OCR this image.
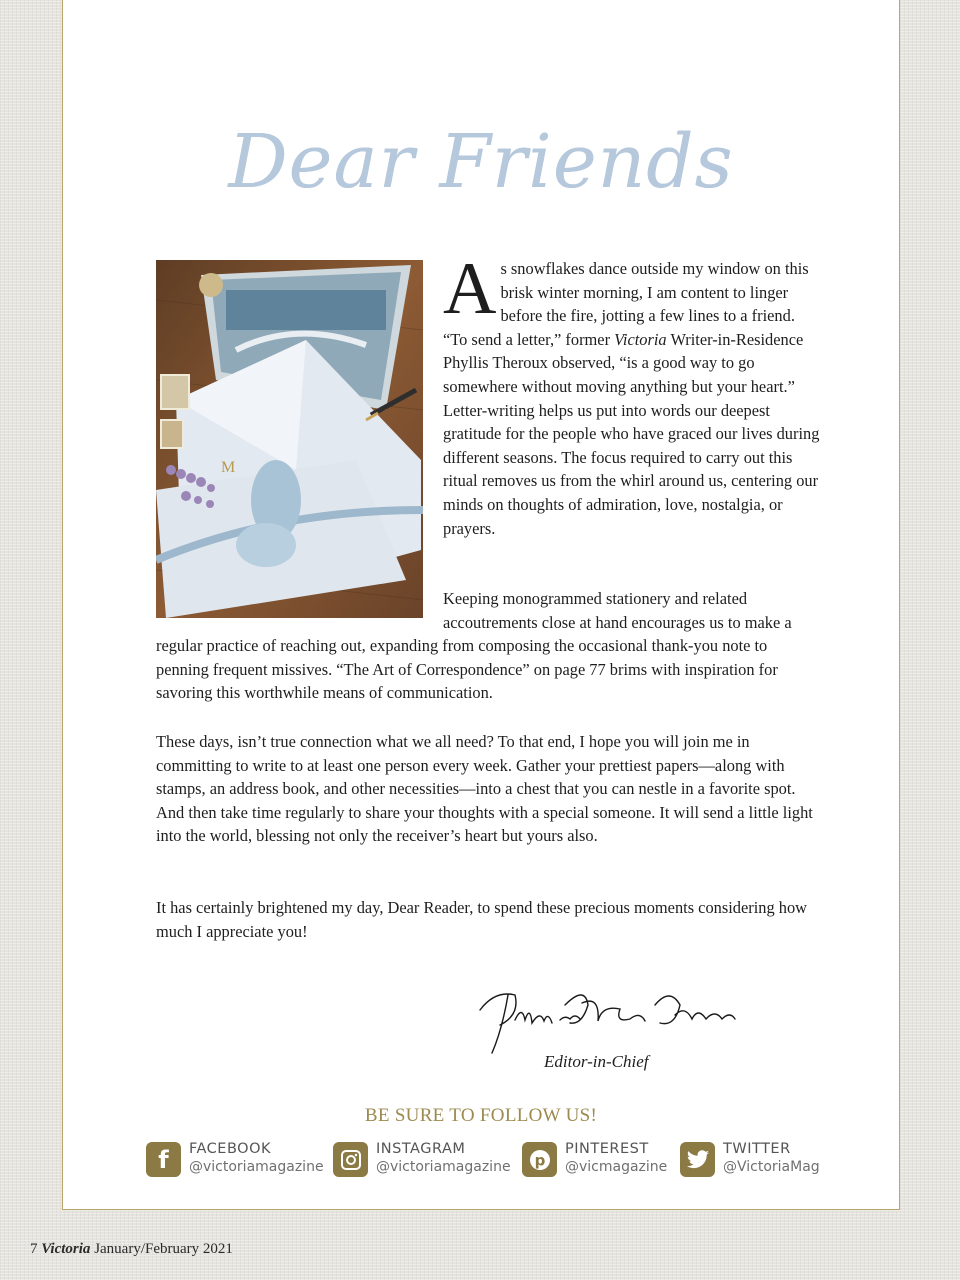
Dear Friends
M
As snowflakes dance outside my window on this brisk winter morning, I am content to linger before the fire, jotting a few lines to a friend. “To send a letter,” former Victoria Writer-in-Residence Phyllis Theroux observed, “is a good way to go somewhere without moving anything but your heart.” Letter-writing helps us put into words our deepest gratitude for the people who have graced our lives during different seasons. The focus required to carry out this ritual removes us from the whirl around us, centering our minds on thoughts of admiration, love, nostalgia, or prayers.
Keeping monogrammed stationery and related accoutrements close at hand encourages us to make a regular practice of reaching out, expanding from composing the occasional thank-you note to penning frequent missives. “The Art of Correspondence” on page 77 brims with inspiration for savoring this worthwhile means of communication.

These days, isn’t true connection what we all need? To that end, I hope you will join me in committing to write to at least one person every week. Gather your prettiest papers—along with stamps, an address book, and other necessities—into a chest that you can nestle in a favorite spot. And then take time regularly to share your thoughts with a special someone. It will send a little light into the world, blessing not only the receiver’s heart but yours also.

It has certainly brightened my day, Dear Reader, to spend these precious moments considering how much I appreciate you!

Editor-in-Chief
BE SURE TO FOLLOW US!
f FACEBOOK
@victoriamagazine
INSTAGRAM
@victoriamagazine p
PINTEREST
@vicmagazine
TWITTER
@VictoriaMag
7 Victoria January/February 2021
